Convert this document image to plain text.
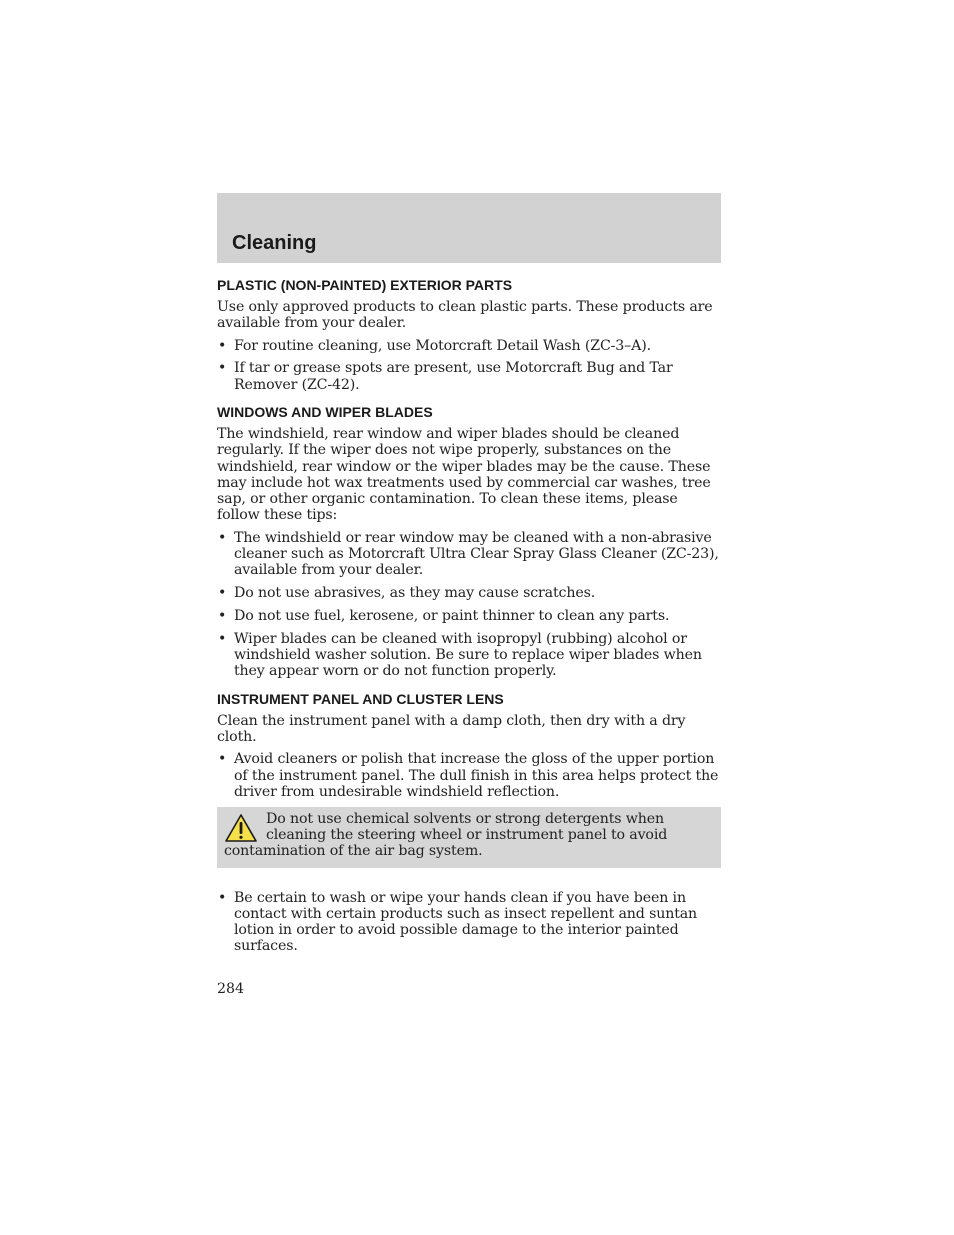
Cleaning
PLASTIC (NON-PAINTED) EXTERIOR PARTS

Use only approved products to clean plastic parts. These products are available from your dealer.

• For routine cleaning, use Motorcraft Detail Wash (ZC-3–A).
• If tar or grease spots are present, use Motorcraft Bug and Tar Remover (ZC-42).
WINDOWS AND WIPER BLADES

The windshield, rear window and wiper blades should be cleaned regularly. If the wiper does not wipe properly, substances on the windshield, rear window or the wiper blades may be the cause. These may include hot wax treatments used by commercial car washes, tree sap, or other organic contamination. To clean these items, please follow these tips:

• The windshield or rear window may be cleaned with a non-abrasive cleaner such as Motorcraft Ultra Clear Spray Glass Cleaner (ZC-23), available from your dealer.
• Do not use abrasives, as they may cause scratches.
• Do not use fuel, kerosene, or paint thinner to clean any parts.
• Wiper blades can be cleaned with isopropyl (rubbing) alcohol or windshield washer solution. Be sure to replace wiper blades when they appear worn or do not function properly.
INSTRUMENT PANEL AND CLUSTER LENS

Clean the instrument panel with a damp cloth, then dry with a dry cloth.

• Avoid cleaners or polish that increase the gloss of the upper portion of the instrument panel. The dull finish in this area helps protect the driver from undesirable windshield reflection.
Do not use chemical solvents or strong detergents when cleaning the steering wheel or instrument panel to avoid contamination of the air bag system.
• Be certain to wash or wipe your hands clean if you have been in contact with certain products such as insect repellent and suntan lotion in order to avoid possible damage to the interior painted surfaces.
284
